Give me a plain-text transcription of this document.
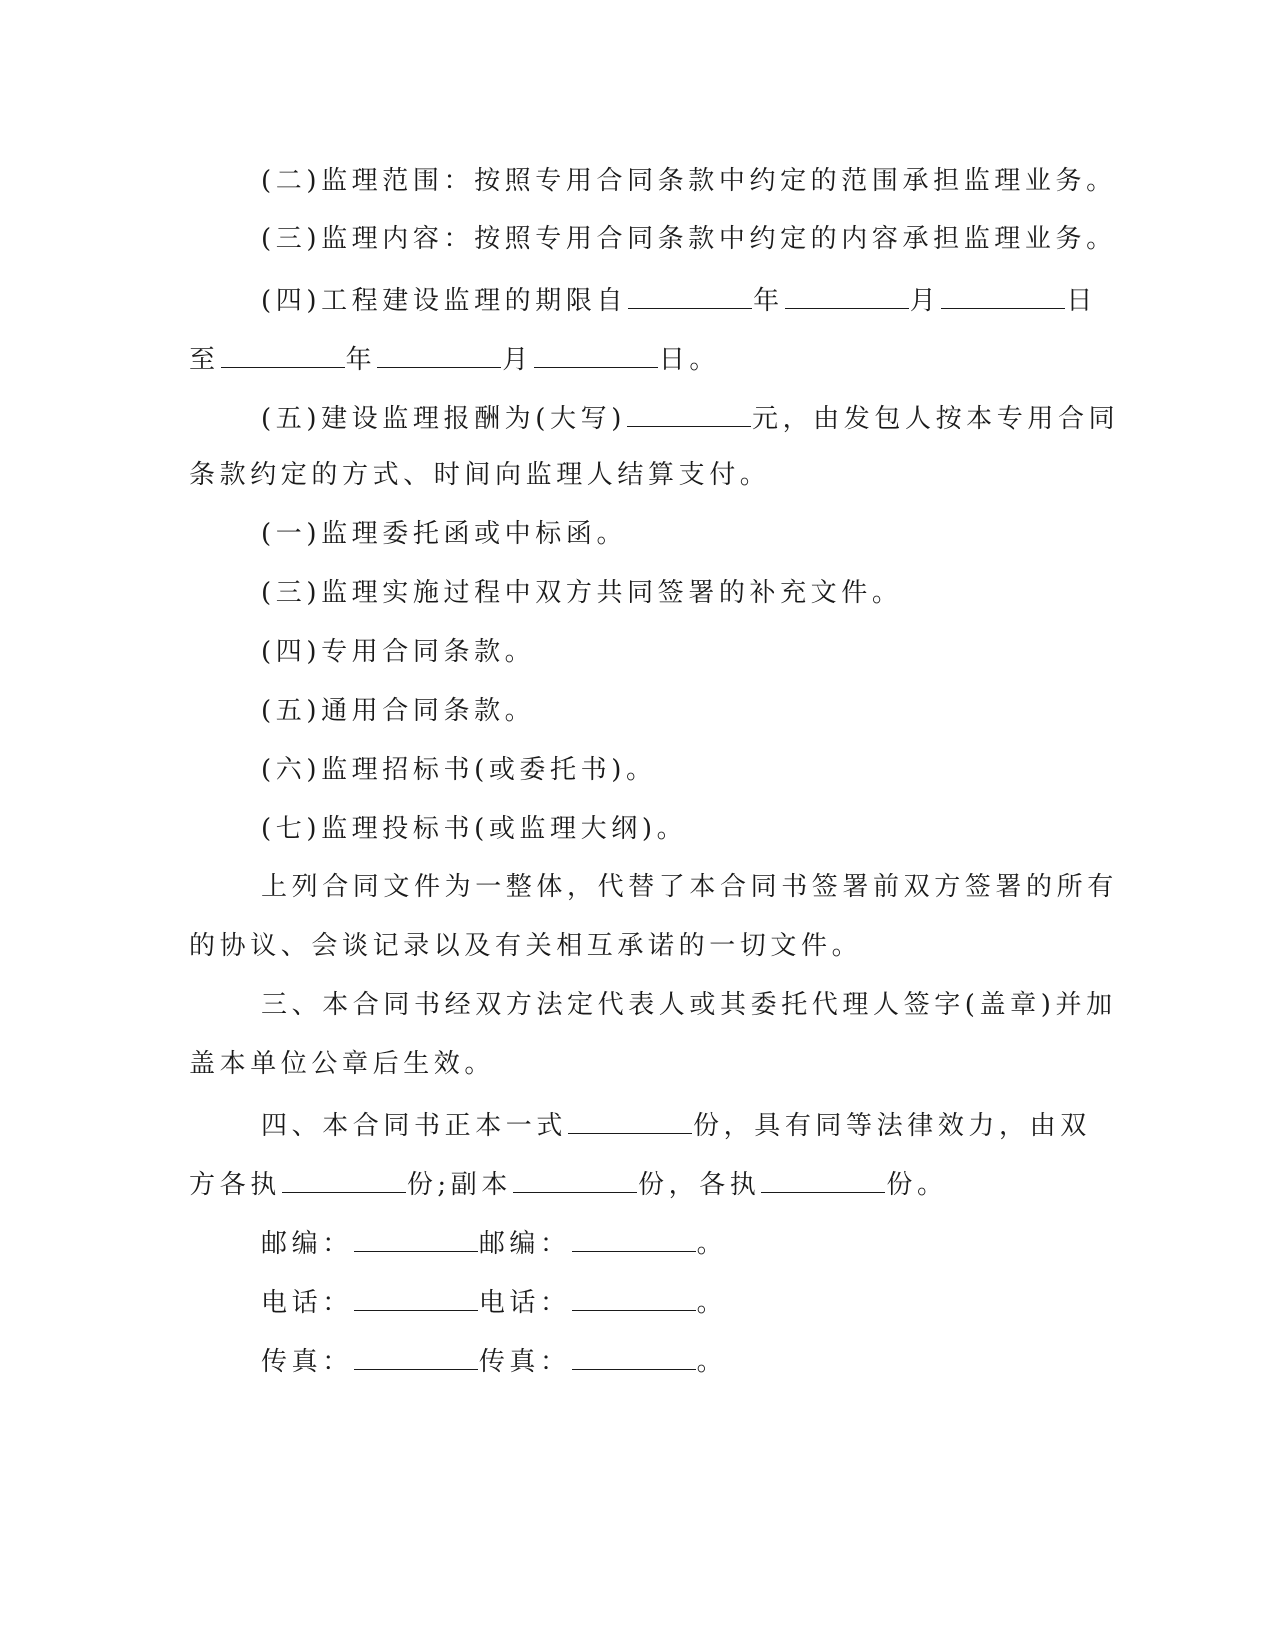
(二)监理范围：按照专用合同条款中约定的范围承担监理业务。
(三)监理内容：按照专用合同条款中约定的内容承担监理业务。
(四)工程建设监理的期限自	年	月	日
至	年	月	日。
(五)建设监理报酬为(大写)	元，由发包人按本专用合同
条款约定的方式、时间向监理人结算支付。
(一)监理委托函或中标函。
(三)监理实施过程中双方共同签署的补充文件。
(四)专用合同条款。
(五)通用合同条款。
(六)监理招标书(或委托书)。
(七)监理投标书(或监理大纲)。
上列合同文件为一整体，代替了本合同书签署前双方签署的所有
的协议、会谈记录以及有关相互承诺的一切文件。
三、本合同书经双方法定代表人或其委托代理人签字(盖章)并加
盖本单位公章后生效。
四、本合同书正本一式	份，具有同等法律效力，由双
方各执	份;副本	份，各执	份。
邮编：	邮编：	。
电话：	电话：	。
传真：	传真：	。
